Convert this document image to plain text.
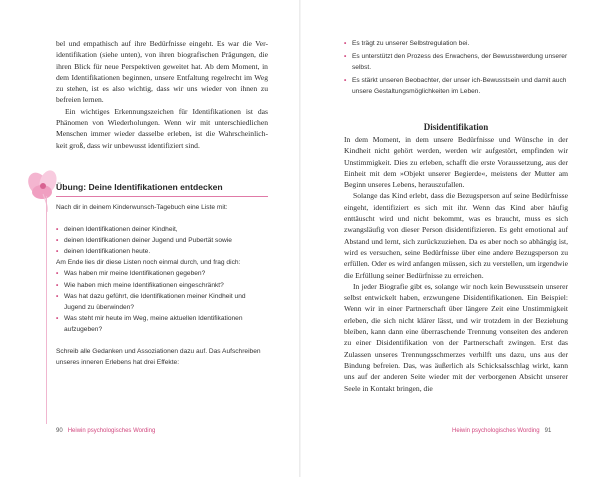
bel und empathisch auf ihre Bedürfnisse eingeht. Es war die Ver- identifikation (siehe unten), von ihren biografischen Prägungen, die ihren Blick für neue Perspektiven geweitet hat. Ab dem Moment, in dem Identifikationen beginnen, unsere Entfaltung regelrecht im Weg zu stehen, ist es also wichtig, dass wir uns wieder von ihnen zu befreien lernen.

Ein wichtiges Erkennungszeichen für Identifikationen ist das Phänomen von Wiederholungen. Wenn wir mit unterschiedlichen Menschen immer wieder dasselbe erleben, ist die Wahrscheinlich- keit groß, dass wir unbewusst identifiziert sind.

Übung: Deine Identifikationen entdecken

Nach dir in deinem Kinderwunsch-Tagebuch eine Liste mit:

• deinen Identifikationen deiner Kindheit,
• deinen Identifikationen deiner Jugend und Pubertät sowie
• deinen Identifikationen heute.
Am Ende lies dir diese Listen noch einmal durch, und frag dich:
• Was haben mir meine Identifikationen gegeben?
• Wie haben mich meine Identifikationen eingeschränkt?
• Was hat dazu geführt, die Identifikationen meiner Kindheit und Jugend zu überwinden?
• Was steht mir heute im Weg, meine aktuellen Identifikationen aufzugeben?

Schreib alle Gedanken und Assoziationen dazu auf. Das Aufschreiben unseres inneren Erlebens hat drei Effekte:

90 Heiwin psychologisches Wording
• Es trägt zu unserer Selbstregulation bei.
• Es unterstützt den Prozess des Erwachens, der Bewusstwerdung unserer selbst.
• Es stärkt unseren Beobachter, der unser ich-Bewusstsein und damit auch unsere Gestaltungsmöglichkeiten im Leben.
Disidentifikation

In dem Moment, in dem unsere Bedürfnisse und Wünsche in der Kindheit nicht gehört werden, werden wir aufgestört, empfinden wir Unstimmigkeit. Dies zu erleben, schafft die erste Voraussetzung, aus der Einheit mit dem »Objekt unserer Begierde«, meistens der Mutter am Beginn unseres Lebens, herauszufallen.

Solange das Kind erlebt, dass die Bezugsperson auf seine Bedürfnisse eingeht, identifiziert es sich mit ihr. Wenn das Kind aber häufig enttäuscht wird und nicht bekommt, was es braucht, muss es sich zwangsläufig von dieser Person disidentifizieren. Es geht emotional auf Abstand und lernt, sich zurückzuziehen. Da es aber noch so abhängig ist, wird es versuchen, seine Bedürfnisse über eine andere Bezugsperson zu erfüllen. Oder es wird anfangen müssen, sich zu verstellen, um irgendwie die Erfüllung seiner Bedürfnisse zu erreichen.

In jeder Biografie gibt es, solange wir noch kein Bewusstsein unserer selbst entwickelt haben, erzwungene Disidentifikationen. Ein Beispiel: Wenn wir in einer Partnerschaft über längere Zeit eine Unstimmigkeit erleben, die sich nicht klärer lässt, und wir trotzdem in der Beziehung bleiben, kann dann eine überraschende Trennung vonseiten des anderen zu einer Disidentifikation von der Partnerschaft zwingen. Erst das Zulassen unseres Trennungsschmerzes verhilft uns dazu, uns aus der Bindung befreien. Das, was äußerlich als Schicksalsschlag wirkt, kann uns auf der anderen Seite wieder mit der verborgenen Absicht unserer Seele in Kontakt bringen, die

Heiwin psychologisches Wording 91
